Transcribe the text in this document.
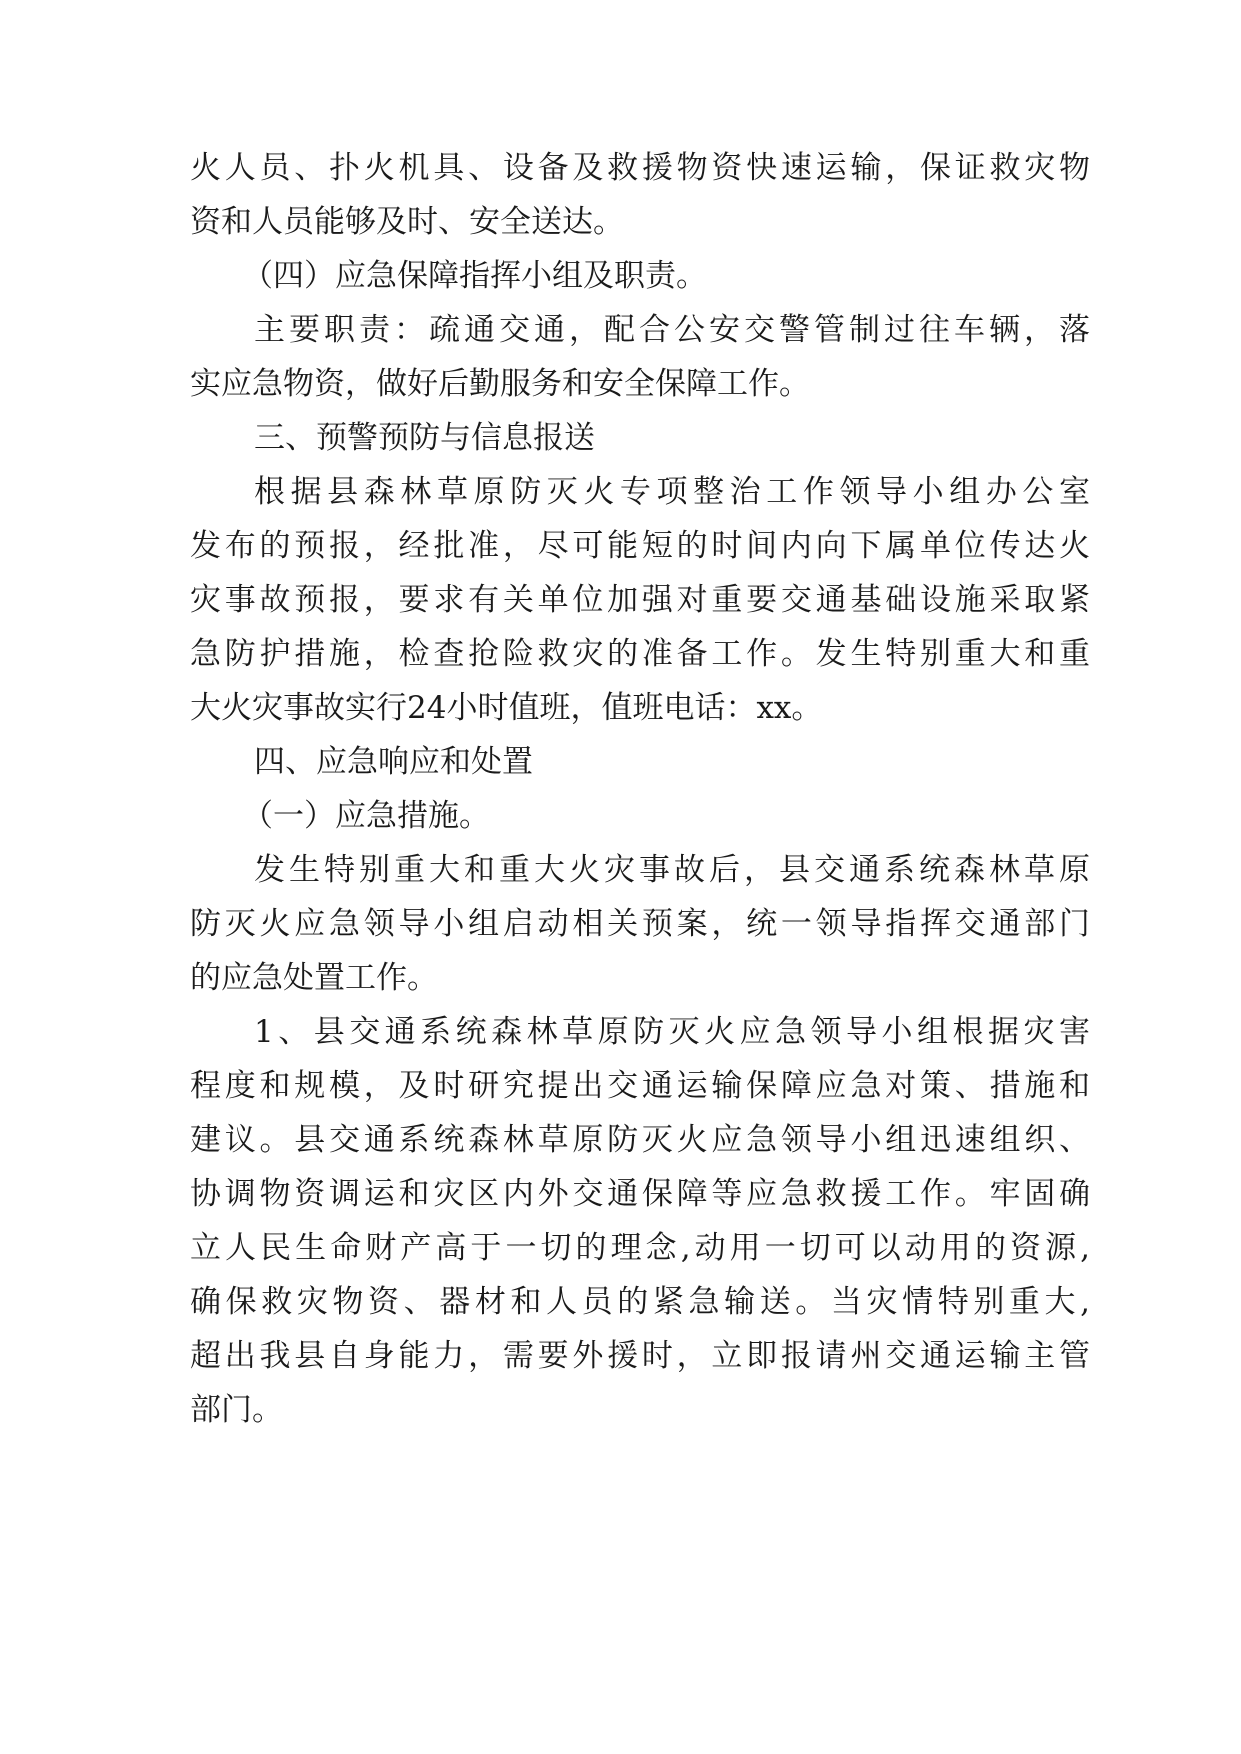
火人员、扑火机具、设备及救援物资快速运输，保证救灾物
资和人员能够及时、安全送达。
（四）应急保障指挥小组及职责。
主要职责：疏通交通，配合公安交警管制过往车辆，落
实应急物资，做好后勤服务和安全保障工作。
三、预警预防与信息报送
根据县森林草原防灭火专项整治工作领导小组办公室
发布的预报，经批准，尽可能短的时间内向下属单位传达火
灾事故预报，要求有关单位加强对重要交通基础设施采取紧
急防护措施，检查抢险救灾的准备工作。发生特别重大和重
大火灾事故实行24小时值班，值班电话：xx。
四、应急响应和处置
（一）应急措施。
发生特别重大和重大火灾事故后，县交通系统森林草原
防灭火应急领导小组启动相关预案，统一领导指挥交通部门
的应急处置工作。
1、县交通系统森林草原防灭火应急领导小组根据灾害
程度和规模，及时研究提出交通运输保障应急对策、措施和
建议。县交通系统森林草原防灭火应急领导小组迅速组织、
协调物资调运和灾区内外交通保障等应急救援工作。牢固确
立人民生命财产高于一切的理念,动用一切可以动用的资源,
确保救灾物资、器材和人员的紧急输送。当灾情特别重大,
超出我县自身能力，需要外援时，立即报请州交通运输主管
部门。
